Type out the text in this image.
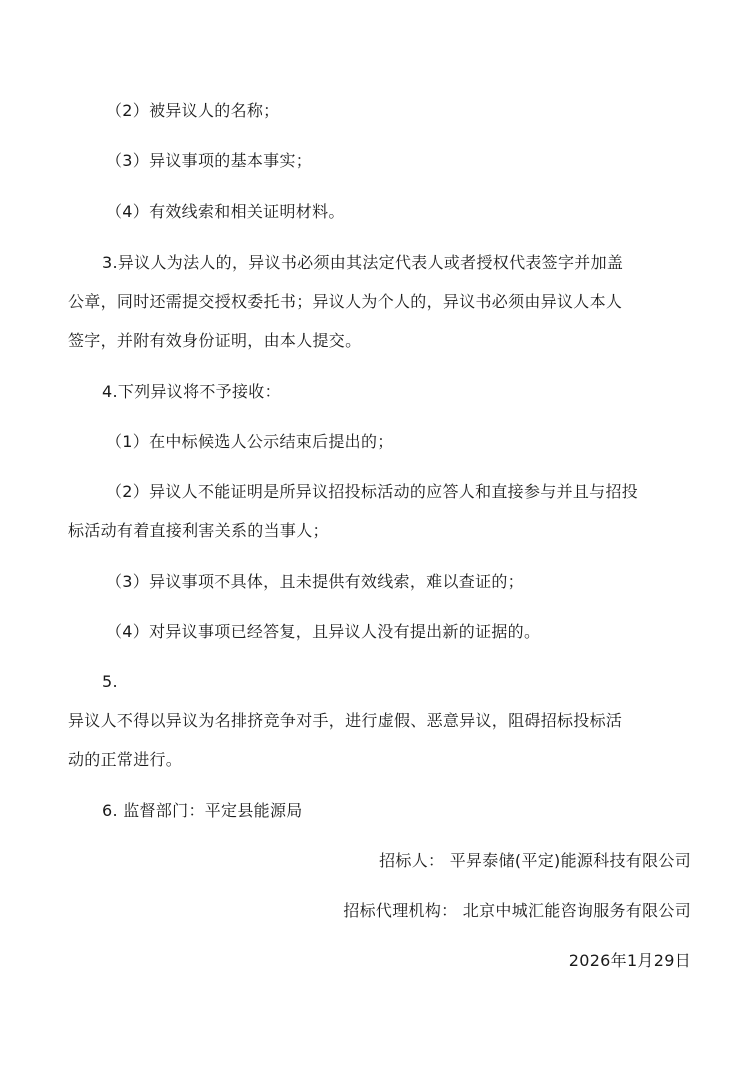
（2）被异议人的名称；
（3）异议事项的基本事实；
（4）有效线索和相关证明材料。
3.异议人为法人的，异议书必须由其法定代表人或者授权代表签字并加盖
公章，同时还需提交授权委托书；异议人为个人的，异议书必须由异议人本人
签字，并附有效身份证明，由本人提交。
4.下列异议将不予接收：
（1）在中标候选人公示结束后提出的；
（2）异议人不能证明是所异议招投标活动的应答人和直接参与并且与招投
标活动有着直接利害关系的当事人；
（3）异议事项不具体，且未提供有效线索，难以查证的；
（4）对异议事项已经答复，且异议人没有提出新的证据的。
5.
异议人不得以异议为名排挤竞争对手，进行虚假、恶意异议，阻碍招标投标活
动的正常进行。
6. 监督部门：平定县能源局
招标人： 平昇泰储(平定)能源科技有限公司
招标代理机构： 北京中城汇能咨询服务有限公司
2026年1月29日
